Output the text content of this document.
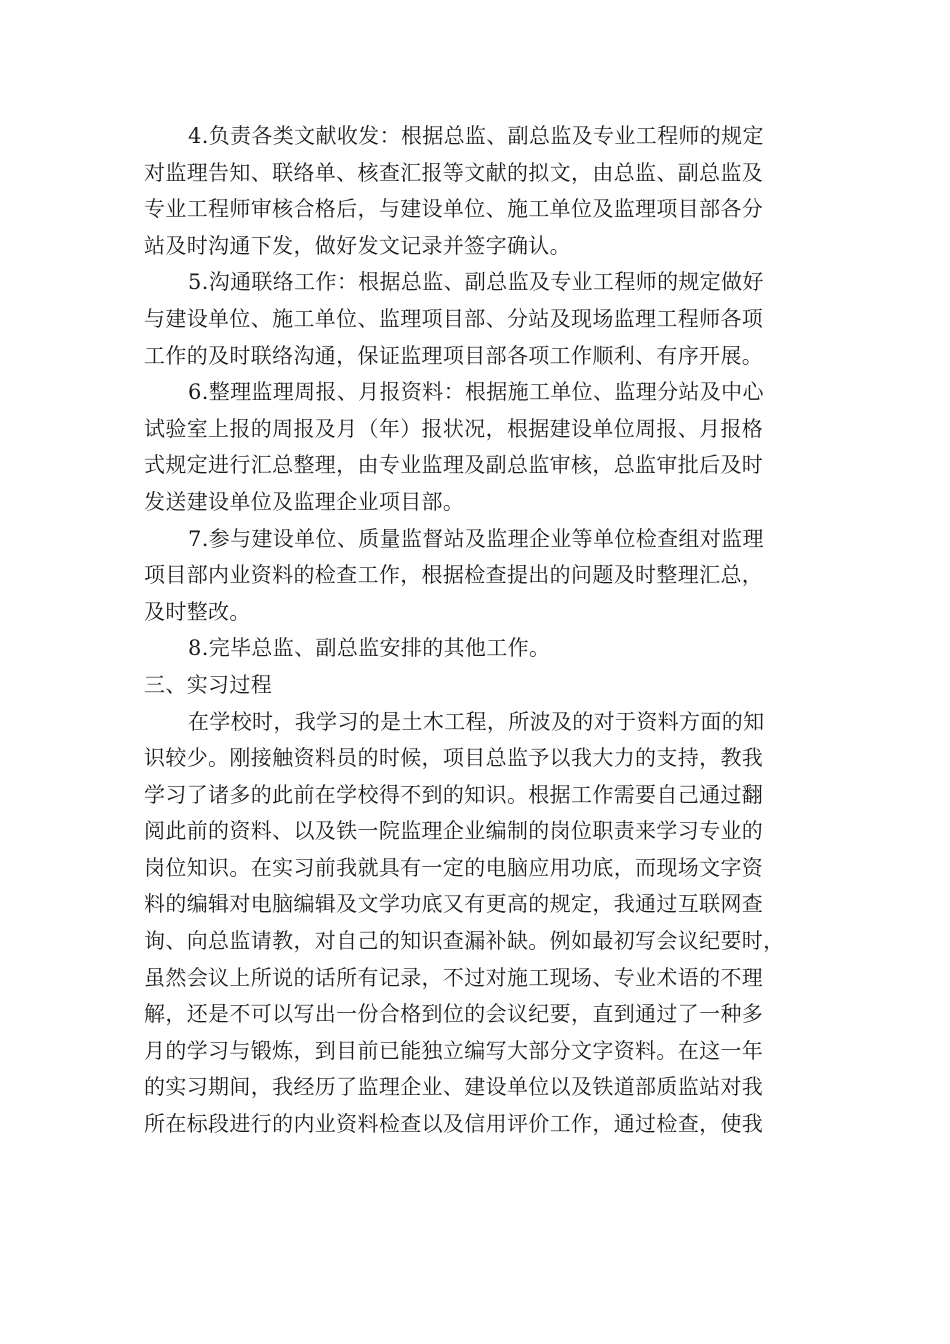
4.负责各类文献收发：根据总监、副总监及专业工程师的规定
对监理告知、联络单、核查汇报等文献的拟文，由总监、副总监及
专业工程师审核合格后，与建设单位、施工单位及监理项目部各分
站及时沟通下发，做好发文记录并签字确认。
5.沟通联络工作：根据总监、副总监及专业工程师的规定做好
与建设单位、施工单位、监理项目部、分站及现场监理工程师各项
工作的及时联络沟通，保证监理项目部各项工作顺利、有序开展。
6.整理监理周报、月报资料：根据施工单位、监理分站及中心
试验室上报的周报及月（年）报状况，根据建设单位周报、月报格
式规定进行汇总整理，由专业监理及副总监审核，总监审批后及时
发送建设单位及监理企业项目部。
7.参与建设单位、质量监督站及监理企业等单位检查组对监理
项目部内业资料的检查工作，根据检查提出的问题及时整理汇总，
及时整改。
8.完毕总监、副总监安排的其他工作。
三、实习过程
在学校时，我学习的是土木工程，所波及的对于资料方面的知
识较少。刚接触资料员的时候，项目总监予以我大力的支持，教我
学习了诸多的此前在学校得不到的知识。根据工作需要自己通过翻
阅此前的资料、以及铁一院监理企业编制的岗位职责来学习专业的
岗位知识。在实习前我就具有一定的电脑应用功底，而现场文字资
料的编辑对电脑编辑及文学功底又有更高的规定，我通过互联网查
询、向总监请教，对自己的知识查漏补缺。例如最初写会议纪要时，
虽然会议上所说的话所有记录，不过对施工现场、专业术语的不理
解，还是不可以写出一份合格到位的会议纪要，直到通过了一种多
月的学习与锻炼，到目前已能独立编写大部分文字资料。在这一年
的实习期间，我经历了监理企业、建设单位以及铁道部质监站对我
所在标段进行的内业资料检查以及信用评价工作，通过检查，使我
